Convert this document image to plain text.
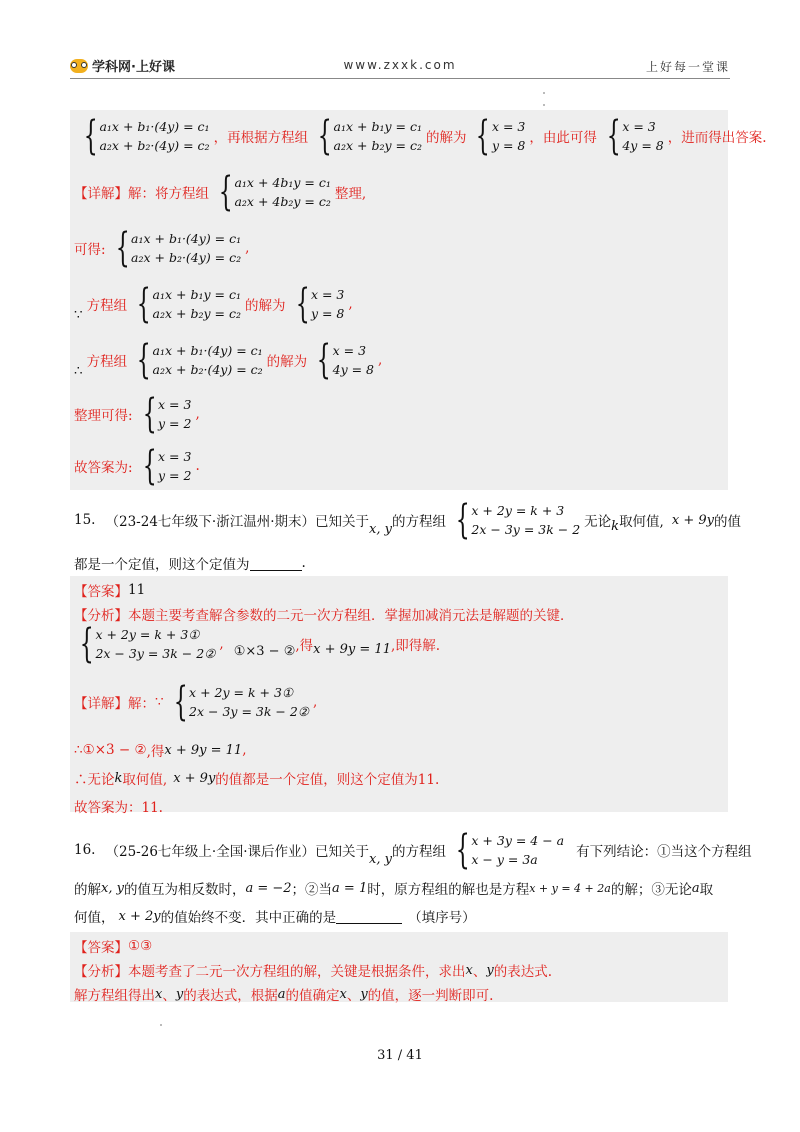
学科网·上好课	www.zxxk.com	上好每一堂课
{ a₁x + b₁·(4y) = c₁
a₂x + b₂·(4y) = c₂ ，再根据方程组 { a₁x + b₁y = c₁
a₂x + b₂y = c₂ 的解为 { x = 3
y = 8 ，由此可得 { x = 3
4y = 8 ，进而得出答案.
【详解】 解：将方程组 { a₁x + 4b₁y = c₁
a₂x + 4b₂y = c₂ 整理,
可得: { a₁x + b₁·(4y) = c₁
a₂x + b₂·(4y) = c₂
,
∵
方程组 { a₁x + b₁y = c₁
a₂x + b₂y = c₂ 的解为 { x = 3
y = 8
,
∴
方程组 { a₁x + b₁·(4y) = c₁
a₂x + b₂·(4y) = c₂ 的解为 { x = 3
4y = 8
,
整理可得: { x = 3
y = 2
,
故答案为: { x = 3
y = 2
.
15. （23-24七年级下·浙江温州·期末） 已知关于 x, y 的方程组 { x + 2y = k + 3
2x − 3y = 3k − 2 无论 k 取何值, x + 9y 的值
都是一个定值，则这个定值为	.
【答案】 11
【分析】 本题主要考查解含参数的二元一次方程组．掌握加减消元法是解题的关键．
{ x + 2y = k + 3①
2x − 3y = 3k − 2②
, ①×3 − ② ,得 x + 9y = 11 ,即得解.
【详解】 解： ∵ { x + 2y = k + 3①
2x − 3y = 3k − 2②
,
∴①×3 − ② ,得 x + 9y = 11 ,
∴无论 k 取何值, x + 9y 的值都是一个定值，则这个定值为11.
故答案为：11.
16. （25-26七年级上·全国·课后作业） 已知关于 x, y 的方程组 { x + 3y = 4 − a
x − y = 3a	有下列结论：①当这个方程组
的解 x, y 的值互为相反数时， a = −2 ；②当 a = 1 时，原方程组的解也是方程 x + y = 4 + 2a 的解；③无论 a 取
何值， x + 2y 的值始终不变．其中正确的是	（填序号）
【答案】 ①③
【分析】 本题考查了二元一次方程组的解，关键是根据条件，求出 x 、 y 的表达式.
解方程组得出 x 、 y 的表达式，根据 a 的值确定 x 、 y 的值，逐一判断即可.
31 / 41
